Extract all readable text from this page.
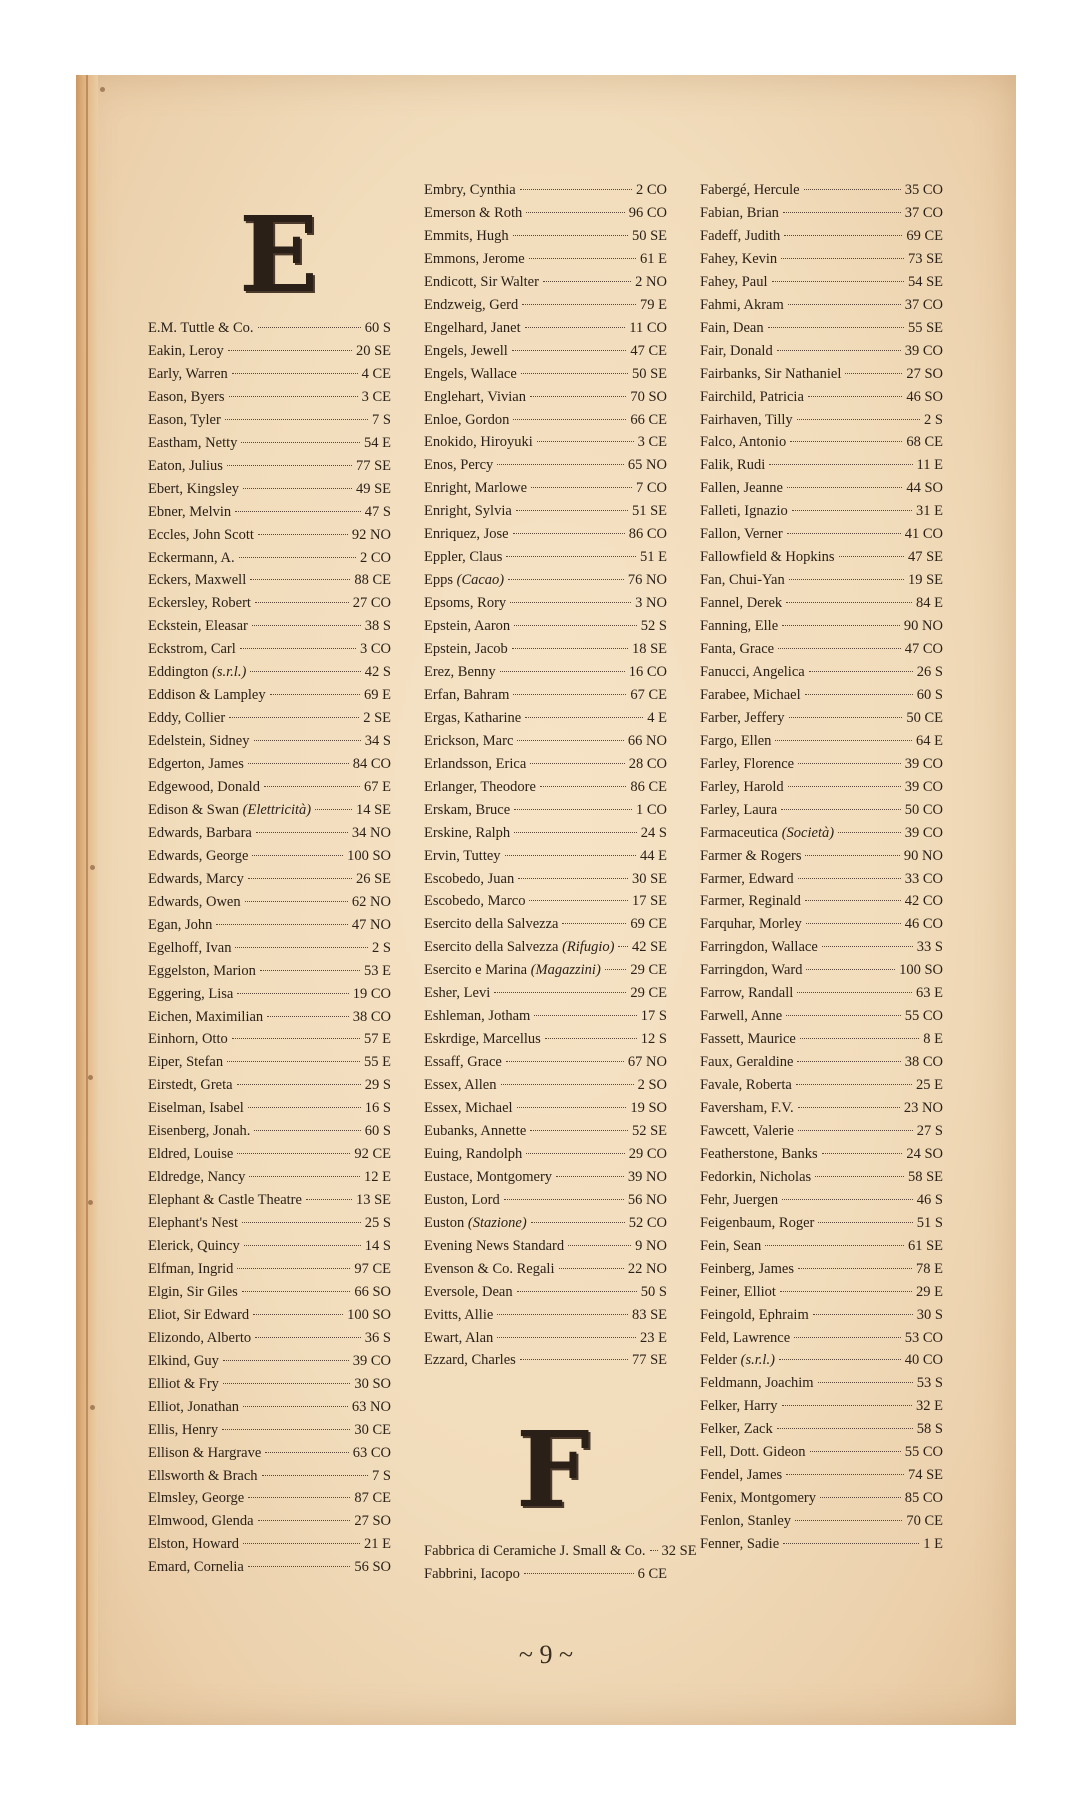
E
F
E.M. Tuttle & Co.	60 S
Eakin, Leroy	20 SE
Early, Warren	4 CE
Eason, Byers	3 CE
Eason, Tyler	7 S
Eastham, Netty	54 E
Eaton, Julius	77 SE
Ebert, Kingsley	49 SE
Ebner, Melvin	47 S
Eccles, John Scott	92 NO
Eckermann, A.	2 CO
Eckers, Maxwell	88 CE
Eckersley, Robert	27 CO
Eckstein, Eleasar	38 S
Eckstrom, Carl	3 CO
Eddington (s.r.l.)	42 S
Eddison & Lampley	69 E
Eddy, Collier	2 SE
Edelstein, Sidney	34 S
Edgerton, James	84 CO
Edgewood, Donald	67 E
Edison & Swan (Elettricità)	14 SE
Edwards, Barbara	34 NO
Edwards, George	100 SO
Edwards, Marcy	26 SE
Edwards, Owen	62 NO
Egan, John	47 NO
Egelhoff, Ivan	2 S
Eggelston, Marion	53 E
Eggering, Lisa	19 CO
Eichen, Maximilian	38 CO
Einhorn, Otto	57 E
Eiper, Stefan	55 E
Eirstedt, Greta	29 S
Eiselman, Isabel	16 S
Eisenberg, Jonah.	60 S
Eldred, Louise	92 CE
Eldredge, Nancy	12 E
Elephant & Castle Theatre	13 SE
Elephant's Nest	25 S
Elerick, Quincy	14 S
Elfman, Ingrid	97 CE
Elgin, Sir Giles	66 SO
Eliot, Sir Edward	100 SO
Elizondo, Alberto	36 S
Elkind, Guy	39 CO
Elliot & Fry	30 SO
Elliot, Jonathan	63 NO
Ellis, Henry	30 CE
Ellison & Hargrave	63 CO
Ellsworth & Brach	7 S
Elmsley, George	87 CE
Elmwood, Glenda	27 SO
Elston, Howard	21 E
Emard, Cornelia	56 SO
Embry, Cynthia	2 CO
Emerson & Roth	96 CO
Emmits, Hugh	50 SE
Emmons, Jerome	61 E
Endicott, Sir Walter	2 NO
Endzweig, Gerd	79 E
Engelhard, Janet	11 CO
Engels, Jewell	47 CE
Engels, Wallace	50 SE
Englehart, Vivian	70 SO
Enloe, Gordon	66 CE
Enokido, Hiroyuki	3 CE
Enos, Percy	65 NO
Enright, Marlowe	7 CO
Enright, Sylvia	51 SE
Enriquez, Jose	86 CO
Eppler, Claus	51 E
Epps (Cacao)	76 NO
Epsoms, Rory	3 NO
Epstein, Aaron	52 S
Epstein, Jacob	18 SE
Erez, Benny	16 CO
Erfan, Bahram	67 CE
Ergas, Katharine	4 E
Erickson, Marc	66 NO
Erlandsson, Erica	28 CO
Erlanger, Theodore	86 CE
Erskam, Bruce	1 CO
Erskine, Ralph	24 S
Ervin, Tuttey	44 E
Escobedo, Juan	30 SE
Escobedo, Marco	17 SE
Esercito della Salvezza	69 CE
Esercito della Salvezza (Rifugio) 42 SE
Esercito e Marina (Magazzini) 29 CE
Esher, Levi	29 CE
Eshleman, Jotham	17 S
Eskrdige, Marcellus	12 S
Essaff, Grace	67 NO
Essex, Allen	2 SO
Essex, Michael	19 SO
Eubanks, Annette	52 SE
Euing, Randolph	29 CO
Eustace, Montgomery	39 NO
Euston, Lord	56 NO
Euston (Stazione)	52 CO
Evening News Standard	9 NO
Evenson & Co. Regali	22 NO
Eversole, Dean	50 S
Evitts, Allie	83 SE
Ewart, Alan	23 E
Ezzard, Charles	77 SE
Fabbrica di Ceramiche J. Small & Co. 32 SE
Fabbrini, Iacopo	6 CE
Fabergé, Hercule	35 CO
Fabian, Brian	37 CO
Fadeff, Judith	69 CE
Fahey, Kevin	73 SE
Fahey, Paul	54 SE
Fahmi, Akram	37 CO
Fain, Dean	55 SE
Fair, Donald	39 CO
Fairbanks, Sir Nathaniel	27 SO
Fairchild, Patricia	46 SO
Fairhaven, Tilly	2 S
Falco, Antonio	68 CE
Falik, Rudi	11 E
Fallen, Jeanne	44 SO
Falleti, Ignazio	31 E
Fallon, Verner	41 CO
Fallowfield & Hopkins	47 SE
Fan, Chui-Yan	19 SE
Fannel, Derek	84 E
Fanning, Elle	90 NO
Fanta, Grace	47 CO
Fanucci, Angelica	26 S
Farabee, Michael	60 S
Farber, Jeffery	50 CE
Fargo, Ellen	64 E
Farley, Florence	39 CO
Farley, Harold	39 CO
Farley, Laura	50 CO
Farmaceutica (Società)	39 CO
Farmer & Rogers	90 NO
Farmer, Edward	33 CO
Farmer, Reginald	42 CO
Farquhar, Morley	46 CO
Farringdon, Wallace	33 S
Farringdon, Ward	100 SO
Farrow, Randall	63 E
Farwell, Anne	55 CO
Fassett, Maurice	8 E
Faux, Geraldine	38 CO
Favale, Roberta	25 E
Faversham, F.V.	23 NO
Fawcett, Valerie	27 S
Featherstone, Banks	24 SO
Fedorkin, Nicholas	58 SE
Fehr, Juergen	46 S
Feigenbaum, Roger	51 S
Fein, Sean	61 SE
Feinberg, James	78 E
Feiner, Elliot	29 E
Feingold, Ephraim	30 S
Feld, Lawrence	53 CO
Felder (s.r.l.)	40 CO
Feldmann, Joachim	53 S
Felker, Harry	32 E
Felker, Zack	58 S
Fell, Dott. Gideon	55 CO
Fendel, James	74 SE
Fenix, Montgomery	85 CO
Fenlon, Stanley	70 CE
Fenner, Sadie	1 E
~ 9 ~
